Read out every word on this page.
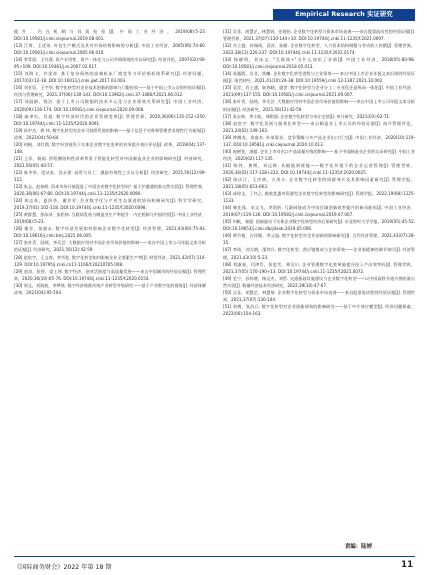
Empirical Research 实证研究

提升：内在机制与异质检验[J]. 中国工业经济，2019(08):5-23. DOI:10.19581/j.cnki.ciejournal.2019.08.001.

[13] 江霄，王述英. 外包生产模式及其对市场结构影响的分析[J]. 中国工业经济，2005(06):74-80. DOI:10.19581/j.cnki.ciejournal.2005.06.010.

[14] 李青原，王红燕. 资产专用性、资产一体化与公司并购绩效的实证研究[J]. 经济评论，2007(02):90-95+109. DOI:10.19361/j.er.2007.02.017.

[15] 刘海飞，许金涛. 基于复杂网络的高端机床厂商竞争力评价指标体系研究[J]. 经济问题，2017(03):12-18. DOI:10.16011/j.cnki.jjwt.2017.03.003.

[16] 刘亚男，王宇华. 数字化转型对企业技术创新的影响与门限检验——基于中国上市公司的经验证据[J]. 经济与管理研究，2021,37(06):130-143. DOI:10.13962/j.cnki.37-1486/f.2021.06.012.

[17] 刘淑娟，钱洁. 基于上市公司数据的技术多元化与企业绩效关系研究[J]. 中国工业经济，2020(09):116-174. DOI:10.19581/j.cnki.ciejournal.2020.09.008.

[18] 戚聿东，肖旭. 数字经济时代的企业管理变革[J]. 管理世界，2020,36(06):135-152+250. DOI:10.19744/j.cnki.11-1235/f.2020.0091.

[19] 孙中杰，黄 伟. 数字化转型对企业可持续发展的影响——基于信息不对称和管理者非理性行为视角[J]. 改革，2021(04):50-64.

[20] 何帆，刘红霞. 数字经济视角下实体企业数字化变革的业绩提升效应评估[J]. 改革，2019(04):137-148.

[21] 王洋，杨丽. 供给侧结构性改革背景下智能化转型对中国制造业企业的影响研究[J]. 经济研究，2021,56(05):40-57.

[22] 陈冬华，范从来，沈永建. 高管与员工：激励有效性之实证分析[J]. 经济研究，2015,50(12):99-112.

[23] 朱志，赵春辉. 资本市场开放促进了中国企业数字化转型吗？基于沪港通的准自然实验[J]. 管理世界，2020,36(06):67-80. DOI:10.19744/j.cnki.11-1235/f.2020.0090.

[24] 胡志英，夏四华，谢芳芳. 企业数字化与产业生态演进的协同机制研究[J]. 科学学研究，2019,37(01):102-118. DOI:10.19744/j.cnki.11-1235/f.2020.0098.

[25] 黄群慧，余泳泽，张松林. 互联网发展与制造业生产率提升：内在机制与中国经验[J]. 中国工业经济，2019(08):5-23.

[26] 谢芳，张晓永. 数字经济发展如何影响企业数字化转型[J]. 经济管理，2021,43(06):75-93. DOI:10.19616/j.cnki.bmj.2021.06.005.

[27] 张叶青，陆瑶，李乐芸. 大数据应用对中国企业市场价值的影响——来自中国上市公司年报文本分析的证据[J]. 经济研究，2021,56(12):42-59.

[28] 赵宸宇，王文春，李雪松. 数字化转型如何影响企业全要素生产率[J]. 财贸经济，2021,42(07):114-129. DOI:10.19795/j.cnki.cn11-1166/f.20210705.008.

[29] 赵涛，张智，梁上坤. 数字经济、创业活跃度与高质量发展——来自中国城市的经验证据[J]. 管理世界，2020,36(10):65-76. DOI:10.19744/j.cnki.11-1235/f.2020.0154.

[30] 周文，刘海波，李梦欣. 数字经济助推传统产业转型升级研究——基于产业数字化的视角[J]. 经济体制改革，2021(04):95-104.

[31] 吴非，胡慧芷，林慧妍，任晓怡. 企业数字化转型与资本市场表现——来自股票流动性的经验证据[J]. 管理世界，2021,37(07):130-144+10. DOI:10.19744/j.cnki.11-1235/f.2021.0097.

[32] 肖土盛，孙瑞琦，袁淳，孙健. 企业数字化转型、人力资本结构调整与劳动收入份额[J]. 管理世界，2022,38(12):220-237. DOI:10.19744/j.cnki.11-1235/f.2022.0174.

[33] 杨德明，刘泳文. "互联网+"为什么加出了业绩[J]. 中国工业经济，2018(05):80-98. DOI:10.19581/j.cnki.ciejournal.2018.05.013.

[34] 易露霞，吴非，常曦. 企业数字化转型进程与主业绩效——来自中国上市企业年报文本识别的经验证据[J]. 现代财经，2021,41(10):24-38. DOI:10.19559/j.cnki.12-1387.2021.10.002.

[35] 袁淳，肖土盛，耿春晓，盛誉. 数字化转型与企业分工：专业化还是纵向一体化[J]. 中国工业经济，2021(09):137-155. DOI:10.19581/j.cnki.ciejournal.2021.09.007.

[36] 张叶青，陆瑶，李乐芸. 大数据应用对中国企业市场价值的影响——来自中国上市公司年报文本分析的证据[J]. 经济研究，2021,56(12):42-59.

[37] 张永珅，李小波，邢铭强. 企业数字化转型与审计定价[J]. 审计研究，2021(03):62-71.

[38] 赵宸宇. 数字化发展与服务化转型——来自制造业上市公司的经验证据[J]. 南开管理评论，2021,24(02):149-163.

[39] 钟腾龙，余淼杰. 外部需求、竞争策略与多产品企业出口行为[J]. 中国工业经济，2020(10):119-137. DOI:10.19581/j.cnki.ciejournal.2020.10.013.

[40] 祝树金，汤超. 企业上市对出口产品质量升级的影响——基于中国制造业企业的实证研究[J]. 中国工业经济，2020(02):117-135.

[41] 陈剑，黄朔，刘运辉. 从赋能到使能——数字化环境下的企业运营管理[J]. 管理世界，2020,36(02):117-128+222. DOI:10.19744/j.cnki.11-1235/f.2020.0025.

[42] 陈庆江，王彦萌，万茂丰. 企业数字化转型的同群效应及其影响因素研究[J]. 管理学报，2021,18(05):653-663.

[43] 成琼文，丁红乙. 税收优惠对资源型企业数字化转型的影响研究[J]. 管理学报，2022,19(08):1125-1133.

[44] 韩先锋，宋文飞，李勃昕. 互联网能成为中国区域创新效率提升的新动能吗[J]. 中国工业经济，2019(07):119-136. DOI:10.19581/j.cnki.ciejournal.2019.07.007.

[45] 何帆，秦愿. 创新驱动下实体企业数字化转型经济后果研究[J]. 东北财经大学学报，2019(05):45-52. DOI:10.19653/j.cnki.dbcjdxxb.2019.05.006.

[46] 黄节根，吉祥熙，李元旭. 数字化转型对企业创新的影响研究[J]. 当代经济管理，2021,43(07):28-35.

[47] 李琦，刘力钢，邵剑兵. 数字化转型、供应链集成与企业绩效——企业家精神的调节效应[J]. 经济管理，2021,43(10):5-23.

[48] 刘淑春，闫津臣，张思雪，林汉川. 企业管理数字化变革能提升投入产出效率吗[J]. 管理世界，2021,37(05):170-190+13. DOI:10.19744/j.cnki.11-1235/f.2021.0072.

[49] 毛宁，孙伟增，杨运杰，刘哲. 交通基础设施建设与企业数字化转型——以中国高铁开通为例的准自然实验[J]. 数量经济技术经济研究，2022,39(10):47-67.

[50] 吴非，胡慧芷，林慧妍. 企业数字化转型与资本市场表现——来自股票流动性的经验证据[J]. 管理世界，2021,37(07):130-144.

[51] 周博，张昌兵. 数字化转型对企业创新绩效的影响研究——基于中介效应模型[J]. 经济问题探索，2022(06):154-163.

责编：陆婷
《国际商务财会》2022 年第 18 期	11
